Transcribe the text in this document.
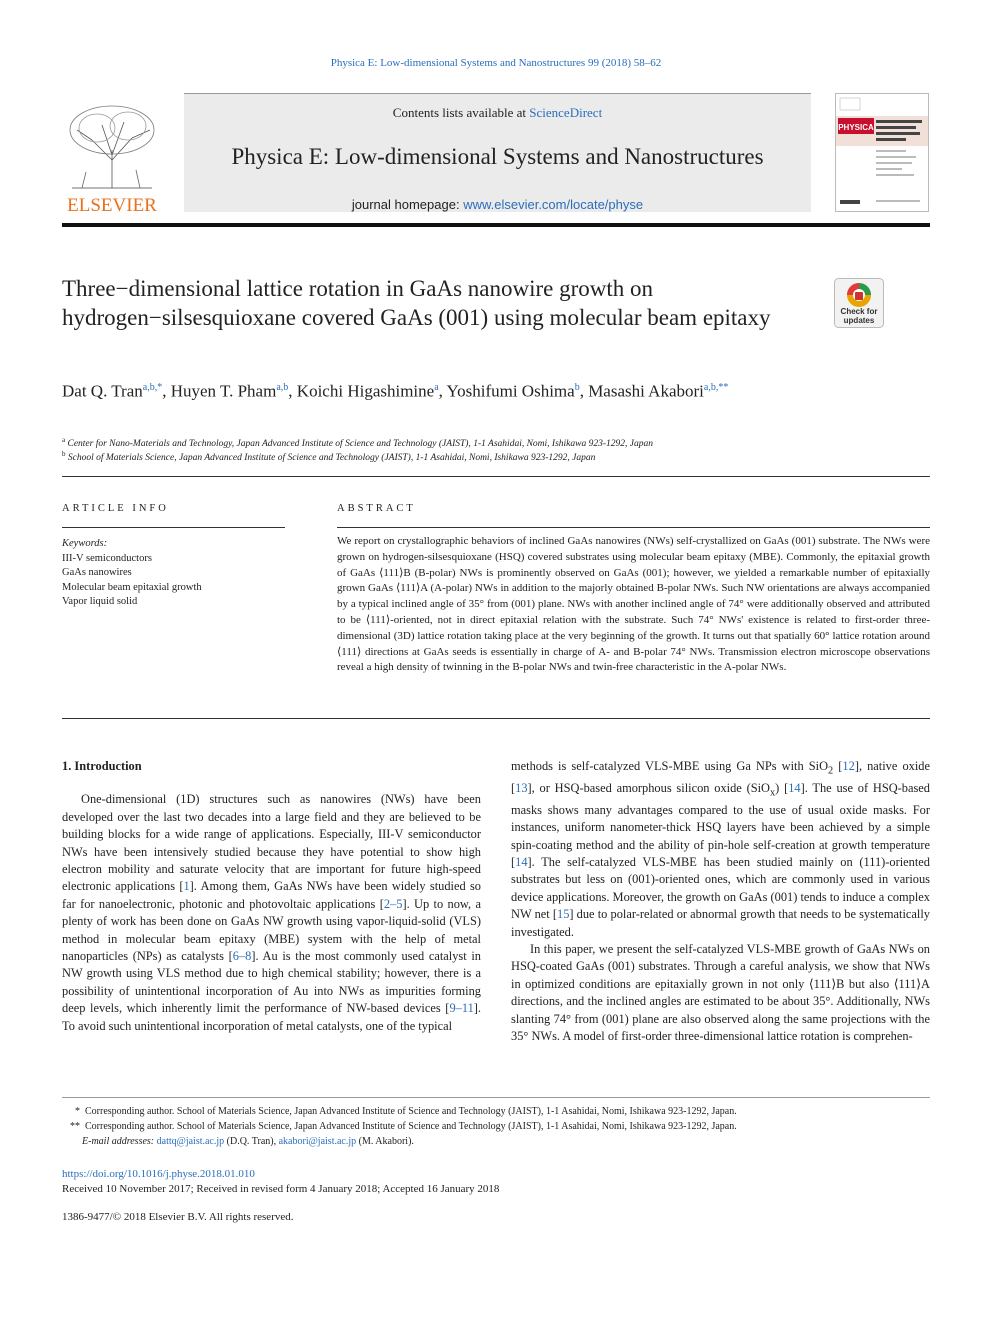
Physica E: Low-dimensional Systems and Nanostructures 99 (2018) 58–62
ELSEVIER
Contents lists available at ScienceDirect
Physica E: Low-dimensional Systems and Nanostructures
journal homepage: www.elsevier.com/locate/physe
PHYSICA
Three−dimensional lattice rotation in GaAs nanowire growth on hydrogen−silsesquioxane covered GaAs (001) using molecular beam epitaxy	Check for updates
Dat Q. Tran$^{a,b,*}$, Huyen T. Pham$^{a,b}$, Koichi Higashimine$^a$, Yoshifumi Oshima$^b$, Masashi Akabori$^{a,b,**}$
$^a$ Center for Nano-Materials and Technology, Japan Advanced Institute of Science and Technology (JAIST), 1-1 Asahidai, Nomi, Ishikawa 923-1292, Japan
$^b$ School of Materials Science, Japan Advanced Institute of Science and Technology (JAIST), 1-1 Asahidai, Nomi, Ishikawa 923-1292, Japan
ARTICLE INFO	ABSTRACT
Keywords:
III-V semiconductors
GaAs nanowires
Molecular beam epitaxial growth
Vapor liquid solid
We report on crystallographic behaviors of inclined GaAs nanowires (NWs) self-crystallized on GaAs (001) substrate. The NWs were grown on hydrogen-silsesquioxane (HSQ) covered substrates using molecular beam epitaxy (MBE). Commonly, the epitaxial growth of GaAs ⟨111⟩B (B-polar) NWs is prominently observed on GaAs (001); however, we yielded a remarkable number of epitaxially grown GaAs ⟨111⟩A (A-polar) NWs in addition to the majorly obtained B-polar NWs. Such NW orientations are always accompanied by a typical inclined angle of 35° from (001) plane. NWs with another inclined angle of 74° were additionally observed and attributed to be ⟨111⟩-oriented, not in direct epitaxial relation with the substrate. Such 74° NWs' existence is related to first-order three-dimensional (3D) lattice rotation taking place at the very beginning of the growth. It turns out that spatially 60° lattice rotation around ⟨111⟩ directions at GaAs seeds is essentially in charge of A- and B-polar 74° NWs. Transmission electron microscope observations reveal a high density of twinning in the B-polar NWs and twin-free characteristic in the A-polar NWs.
1. Introduction

One-dimensional (1D) structures such as nanowires (NWs) have been developed over the last two decades into a large field and they are believed to be building blocks for a wide range of applications. Especially, III-V semiconductor NWs have been intensively studied because they have potential to show high electron mobility and saturate velocity that are important for future high-speed electronic applications [1]. Among them, GaAs NWs have been widely studied so far for nanoelectronic, photonic and photovoltaic applications [2–5]. Up to now, a plenty of work has been done on GaAs NW growth using vapor-liquid-solid (VLS) method in molecular beam epitaxy (MBE) system with the help of metal nanoparticles (NPs) as catalysts [6–8]. Au is the most commonly used catalyst in NW growth using VLS method due to high chemical stability; however, there is a possibility of unintentional incorporation of Au into NWs as impurities forming deep levels, which inherently limit the performance of NW-based devices [9–11]. To avoid such unintentional incorporation of metal catalysts, one of the typical

methods is self-catalyzed VLS-MBE using Ga NPs with SiO$_2$ [12], native oxide [13], or HSQ-based amorphous silicon oxide (SiO$_x$) [14]. The use of HSQ-based masks shows many advantages compared to the use of usual oxide masks. For instances, uniform nanometer-thick HSQ layers have been achieved by a simple spin-coating method and the ability of pin-hole self-creation at growth temperature [14]. The self-catalyzed VLS-MBE has been studied mainly on (111)-oriented substrates but less on (001)-oriented ones, which are commonly used in various device applications. Moreover, the growth on GaAs (001) tends to induce a complex NW net [15] due to polar-related or abnormal growth that needs to be systematically investigated.

In this paper, we present the self-catalyzed VLS-MBE growth of GaAs NWs on HSQ-coated GaAs (001) substrates. Through a careful analysis, we show that NWs in optimized conditions are epitaxially grown in not only ⟨111⟩B but also ⟨111⟩A directions, and the inclined angles are estimated to be about 35°. Additionally, NWs slanting 74° from (001) plane are also observed along the same projections with the 35° NWs. A model of first-order three-dimensional lattice rotation is comprehen-

* Corresponding author. School of Materials Science, Japan Advanced Institute of Science and Technology (JAIST), 1-1 Asahidai, Nomi, Ishikawa 923-1292, Japan.
** Corresponding author. School of Materials Science, Japan Advanced Institute of Science and Technology (JAIST), 1-1 Asahidai, Nomi, Ishikawa 923-1292, Japan.
E-mail addresses: dattq@jaist.ac.jp (D.Q. Tran), akabori@jaist.ac.jp (M. Akabori).
https://doi.org/10.1016/j.physe.2018.01.010
Received 10 November 2017; Received in revised form 4 January 2018; Accepted 16 January 2018
1386-9477/© 2018 Elsevier B.V. All rights reserved.
